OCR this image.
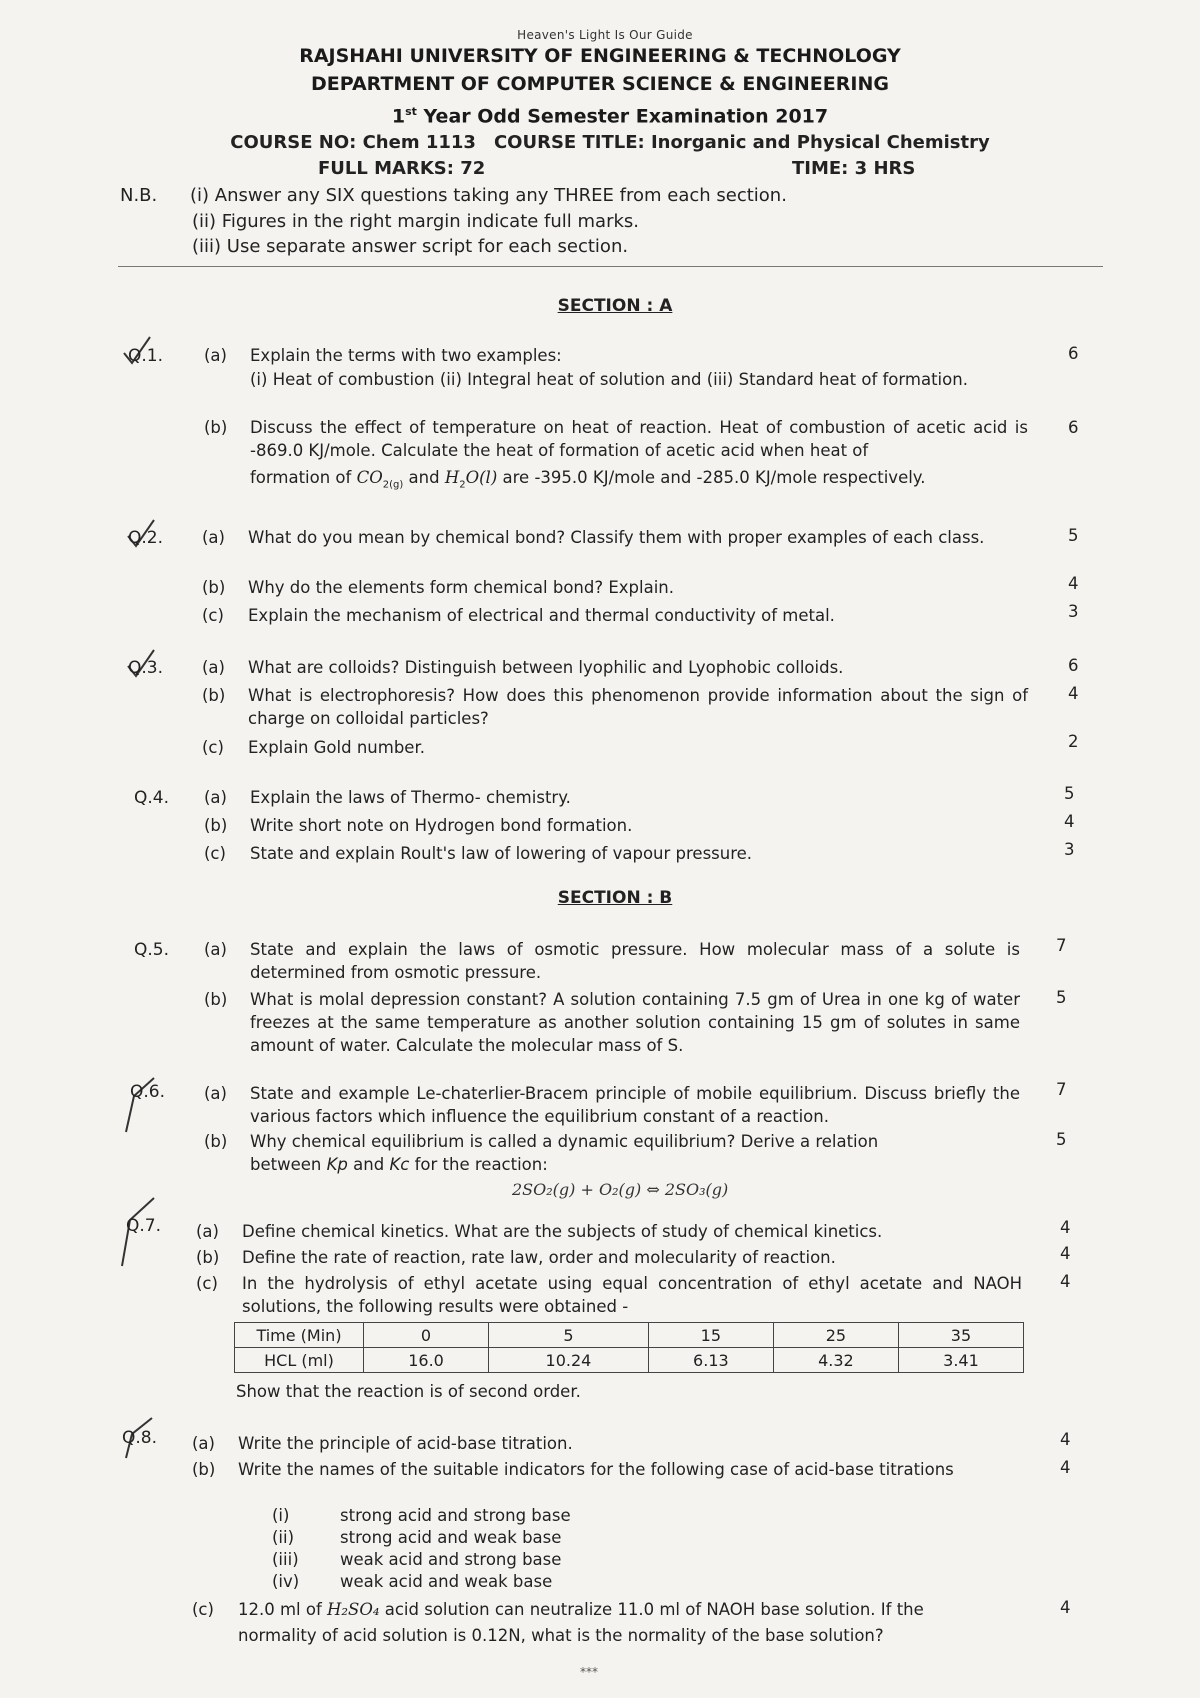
Heaven's Light Is Our Guide
RAJSHAHI UNIVERSITY OF ENGINEERING & TECHNOLOGY
DEPARTMENT OF COMPUTER SCIENCE & ENGINEERING
1st Year Odd Semester Examination 2017
COURSE NO: Chem 1113 COURSE TITLE: Inorganic and Physical Chemistry
FULL MARKS: 72	TIME: 3 HRS
N.B. (i) Answer any SIX questions taking any THREE from each section.
(ii) Figures in the right margin indicate full marks.
(iii) Use separate answer script for each section.
SECTION : A
Q.1. (a) Explain the terms with two examples:
(i) Heat of combustion (ii) Integral heat of solution and (iii) Standard heat of formation.
6
(b) Discuss the effect of temperature on heat of reaction. Heat of combustion of acetic acid is -869.0 KJ/mole. Calculate the heat of formation of acetic acid when heat of
formation of $CO_{2(g)}$ and $H_2O(l)$ are -395.0 KJ/mole and -285.0 KJ/mole respectively.
6
Q.2. (a) What do you mean by chemical bond? Classify them with proper examples of each class.	5
(b) Why do the elements form chemical bond? Explain.	4
(c) Explain the mechanism of electrical and thermal conductivity of metal.	3
Q.3. (a) What are colloids? Distinguish between lyophilic and Lyophobic colloids.	6
(b) What is electrophoresis? How does this phenomenon provide information about the sign of charge on colloidal particles?
4
(c) Explain Gold number.	2
Q.4. (a) Explain the laws of Thermo- chemistry.	5
(b) Write short note on Hydrogen bond formation.	4
(c) State and explain Roult's law of lowering of vapour pressure.	3
SECTION : B
Q.5. (a) State and explain the laws of osmotic pressure. How molecular mass of a solute is determined from osmotic pressure.
7
(b) What is molal depression constant? A solution containing 7.5 gm of Urea in one kg of water freezes at the same temperature as another solution containing 15 gm of solutes in same amount of water. Calculate the molecular mass of S.
5
Q.6. (a) State and example Le-chaterlier-Bracem principle of mobile equilibrium. Discuss briefly the various factors which influence the equilibrium constant of a reaction.
7
(b) Why chemical equilibrium is called a dynamic equilibrium? Derive a relation
between Kp and Kc for the reaction:
5
2SO₂(g) + O₂(g) ⇔ 2SO₃(g)
Q.7. (a) Define chemical kinetics. What are the subjects of study of chemical kinetics.	4
(b) Define the rate of reaction, rate law, order and molecularity of reaction.	4
(c) In the hydrolysis of ethyl acetate using equal concentration of ethyl acetate and NAOH solutions, the following results were obtained -
4
Time (Min)	0	5	15	25	35
HCL (ml)	16.0	10.24	6.13	4.32	3.41
Show that the reaction is of second order.
Q.8. (a) Write the principle of acid-base titration.	4
(b) Write the names of the suitable indicators for the following case of acid-base titrations	4
(i)	strong acid and strong base
(ii)	strong acid and weak base
(iii)	weak acid and strong base
(iv) weak acid and weak base
(c) 12.0 ml of H₂SO₄ acid solution can neutralize 11.0 ml of NAOH base solution. If the
normality of acid solution is 0.12N, what is the normality of the base solution?
4
***
